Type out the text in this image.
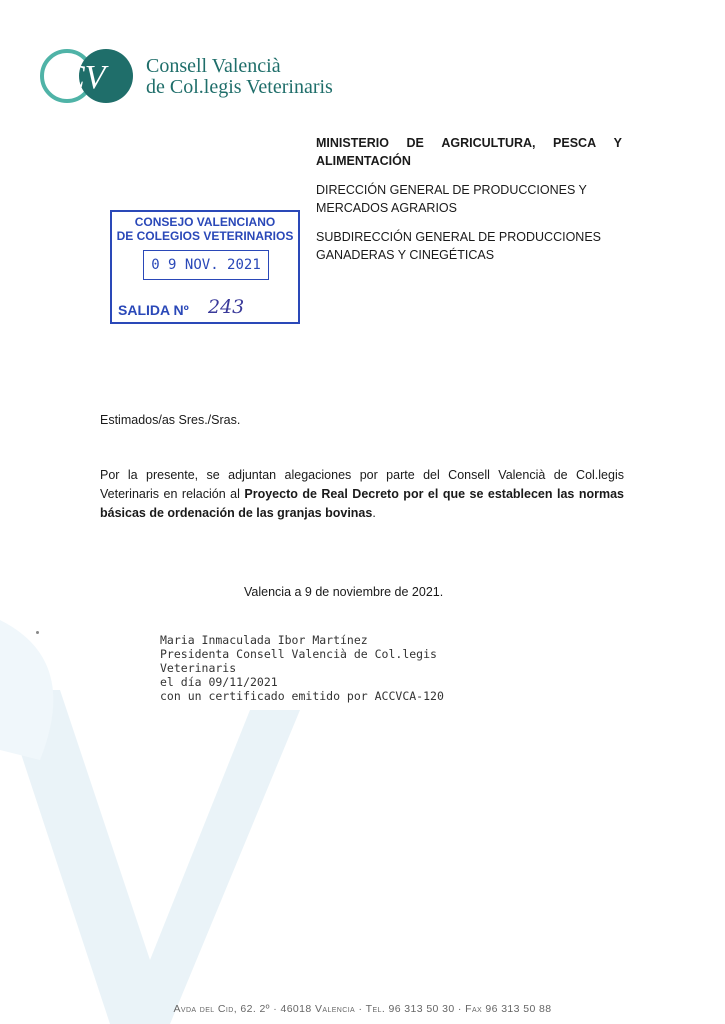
CV Consell Valencià
de Col.legis Veterinaris

MINISTERIO DE AGRICULTURA, PESCA Y
ALIMENTACIÓN

DIRECCIÓN GENERAL DE PRODUCCIONES Y MERCADOS AGRARIOS

SUBDIRECCIÓN GENERAL DE PRODUCCIONES GANADERAS Y CINEGÉTICAS

CONSEJO VALENCIANO
DE COLEGIOS VETERINARIOS
0 9 NOV. 2021
SALIDA Nº 243
Estimados/as Sres./Sras.

Por la presente, se adjuntan alegaciones por parte del Consell Valencià de Col.legis Veterinaris en relación al Proyecto de Real Decreto por el que se establecen las normas básicas de ordenación de las granjas bovinas.

Valencia a 9 de noviembre de 2021.
Maria Inmaculada Ibor Martínez
Presidenta Consell Valencià de Col.legis
Veterinaris
el día 09/11/2021
con un certificado emitido por ACCVCA-120
Avda del Cid, 62. 2º · 46018 Valencia · Tel. 96 313 50 30 · Fax 96 313 50 88
